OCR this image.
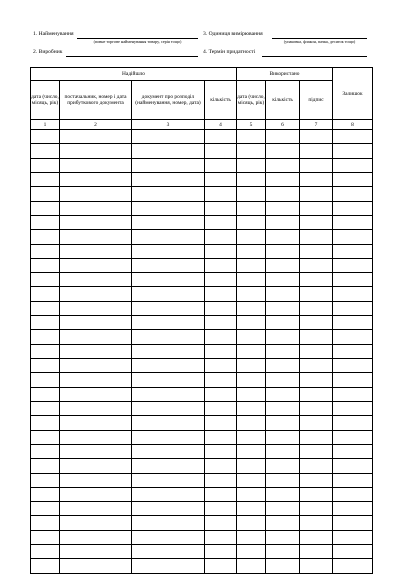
1. Найменування
(повне торгове найменування товару, серія тощо)
3. Одиниця вимірювання
(упаковка, флакон, пачка, десяток тощо)
2. Виробник	4. Термін придатності
Надійшло				Використано			Залишок
дата (число, місяць, рік)	постачальник, номер і дата прибуткового документа	документ про розподіл (найменування, номер, дата)	кількість	дата (число, місяць, рік)	кількість	підпис	
1	2	3	4	5	6	7	8
